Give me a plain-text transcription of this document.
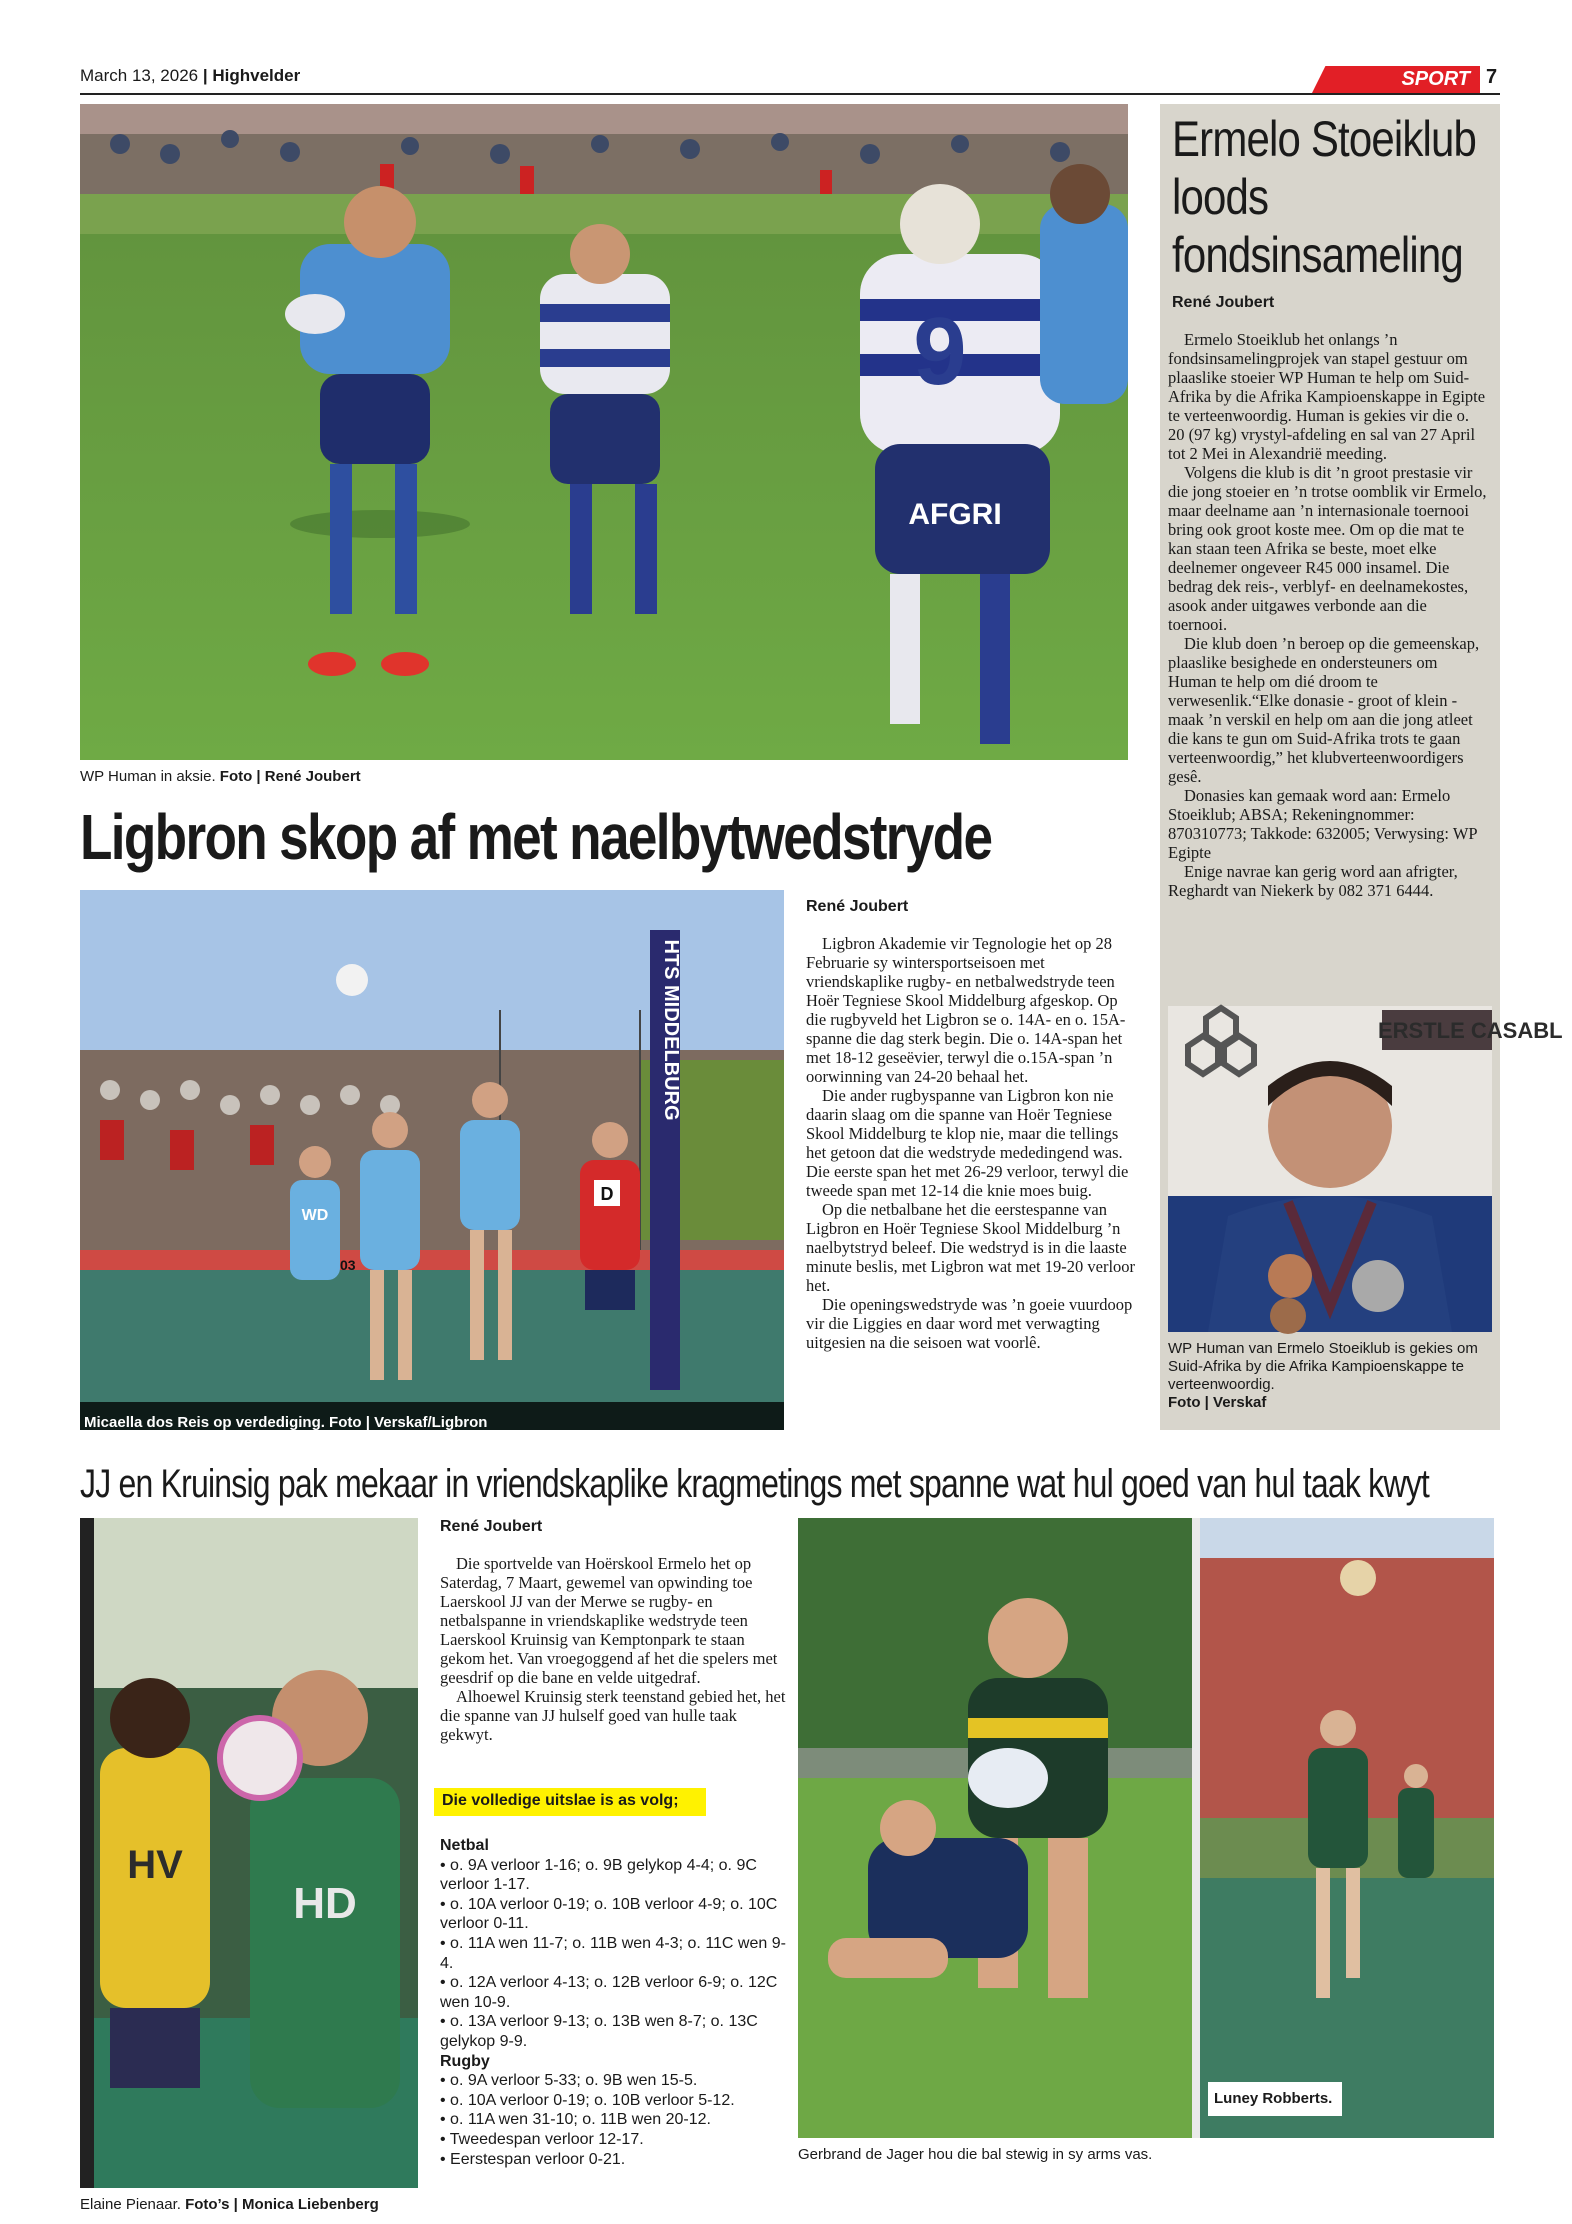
March 13, 2026 | Highvelder	SPORT 7
9
AFGRI
WP Human in aksie. Foto | René Joubert
Ermelo Stoeiklub loods fondsinsameling
René Joubert

Ermelo Stoeiklub het onlangs ’n fondsinsamelingprojek van stapel gestuur om plaaslike stoeier WP Human te help om Suid-Afrika by die Afrika Kampioenskappe in Egipte te verteenwoordig. Human is gekies vir die o. 20 (97 kg) vrystyl-afdeling en sal van 27 April tot 2 Mei in Alexandrië meeding.

Volgens die klub is dit ’n groot prestasie vir die jong stoeier en ’n trotse oomblik vir Ermelo, maar deelname aan ’n internasionale toernooi bring ook groot koste mee. Om op die mat te kan staan teen Afrika se beste, moet elke deelnemer ongeveer R45 000 insamel. Die bedrag dek reis-, verblyf- en deelnamekostes, asook ander uitgawes verbonde aan die toernooi.

Die klub doen ’n beroep op die gemeenskap, plaaslike besighede en ondersteuners om Human te help om dié droom te verwesenlik.“Elke donasie - groot of klein - maak ’n verskil en help om aan die jong atleet die kans te gun om Suid-Afrika trots te gaan verteenwoordig,” het klubverteenwoordigers gesê.

Donasies kan gemaak word aan: Ermelo Stoeiklub; ABSA; Rekeningnommer: 870310773; Takkode: 632005; Verwysing: WP Egipte

Enige navrae kan gerig word aan afrigter, Reghardt van Niekerk by 082 371 6444.

ERSTLE CASABL
WP Human van Ermelo Stoeiklub is gekies om Suid-Afrika by die Afrika Kampioenskappe te verteenwoordig.
Foto | Verskaf
Ligbron skop af met naelbytwedstryde
HTS MIDDELBURG
D
WD
03
Micaella dos Reis op verdediging. Foto | Verskaf/Ligbron
René Joubert

Ligbron Akademie vir Tegnologie het op 28 Februarie sy wintersportseisoen met vriendskaplike rugby- en netbalwedstryde teen Hoër Tegniese Skool Middelburg afgeskop. Op die rugbyveld het Ligbron se o. 14A- en o. 15A-spanne die dag sterk begin. Die o. 14A-span het met 18-12 geseëvier, terwyl die o.15A-span ’n oorwinning van 24-20 behaal het.

Die ander rugbyspanne van Ligbron kon nie daarin slaag om die spanne van Hoër Tegniese Skool Middelburg te klop nie, maar die tellings het getoon dat die wedstryde mededingend was. Die eerste span het met 26-29 verloor, terwyl die tweede span met 12-14 die knie moes buig.

Op die netbalbane het die eerstespanne van Ligbron en Hoër Tegniese Skool Middelburg ’n naelbytstryd beleef. Die wedstryd is in die laaste minute beslis, met Ligbron wat met 19-20 verloor het.

Die openingswedstryde was ’n goeie vuurdoop vir die Liggies en daar word met verwagting uitgesien na die seisoen wat voorlê.

JJ en Kruinsig pak mekaar in vriendskaplike kragmetings met spanne wat hul goed van hul taak kwyt
HV
HD
Elaine Pienaar. Foto’s | Monica Liebenberg
René Joubert

Die sportvelde van Hoërskool Ermelo het op Saterdag, 7 Maart, gewemel van opwinding toe Laerskool JJ van der Merwe se rugby- en netbalspanne in vriendskaplike wedstryde teen Laerskool Kruinsig van Kemptonpark te staan gekom het. Van vroegoggend af het die spelers met geesdrif op die bane en velde uitgedraf.

Alhoewel Kruinsig sterk teenstand gebied het, het die spanne van JJ hulself goed van hulle taak gekwyt.

Die volledige uitslae is as volg;
Netbal
• o. 9A verloor 1-16; o. 9B gelykop 4-4; o. 9C verloor 1-17.
• o. 10A verloor 0-19; o. 10B verloor 4-9; o. 10C verloor 0-11.
• o. 11A wen 11-7; o. 11B wen 4-3; o. 11C wen 9-4.
• o. 12A verloor 4-13; o. 12B verloor 6-9; o. 12C wen 10-9.
• o. 13A verloor 9-13; o. 13B wen 8-7; o. 13C gelykop 9-9.
Rugby
• o. 9A verloor 5-33; o. 9B wen 15-5.
• o. 10A verloor 0-19; o. 10B verloor 5-12.
• o. 11A wen 31-10; o. 11B wen 20-12.
• Tweedespan verloor 12-17.
• Eerstespan verloor 0-21.
Luney Robberts.
Gerbrand de Jager hou die bal stewig in sy arms vas.
